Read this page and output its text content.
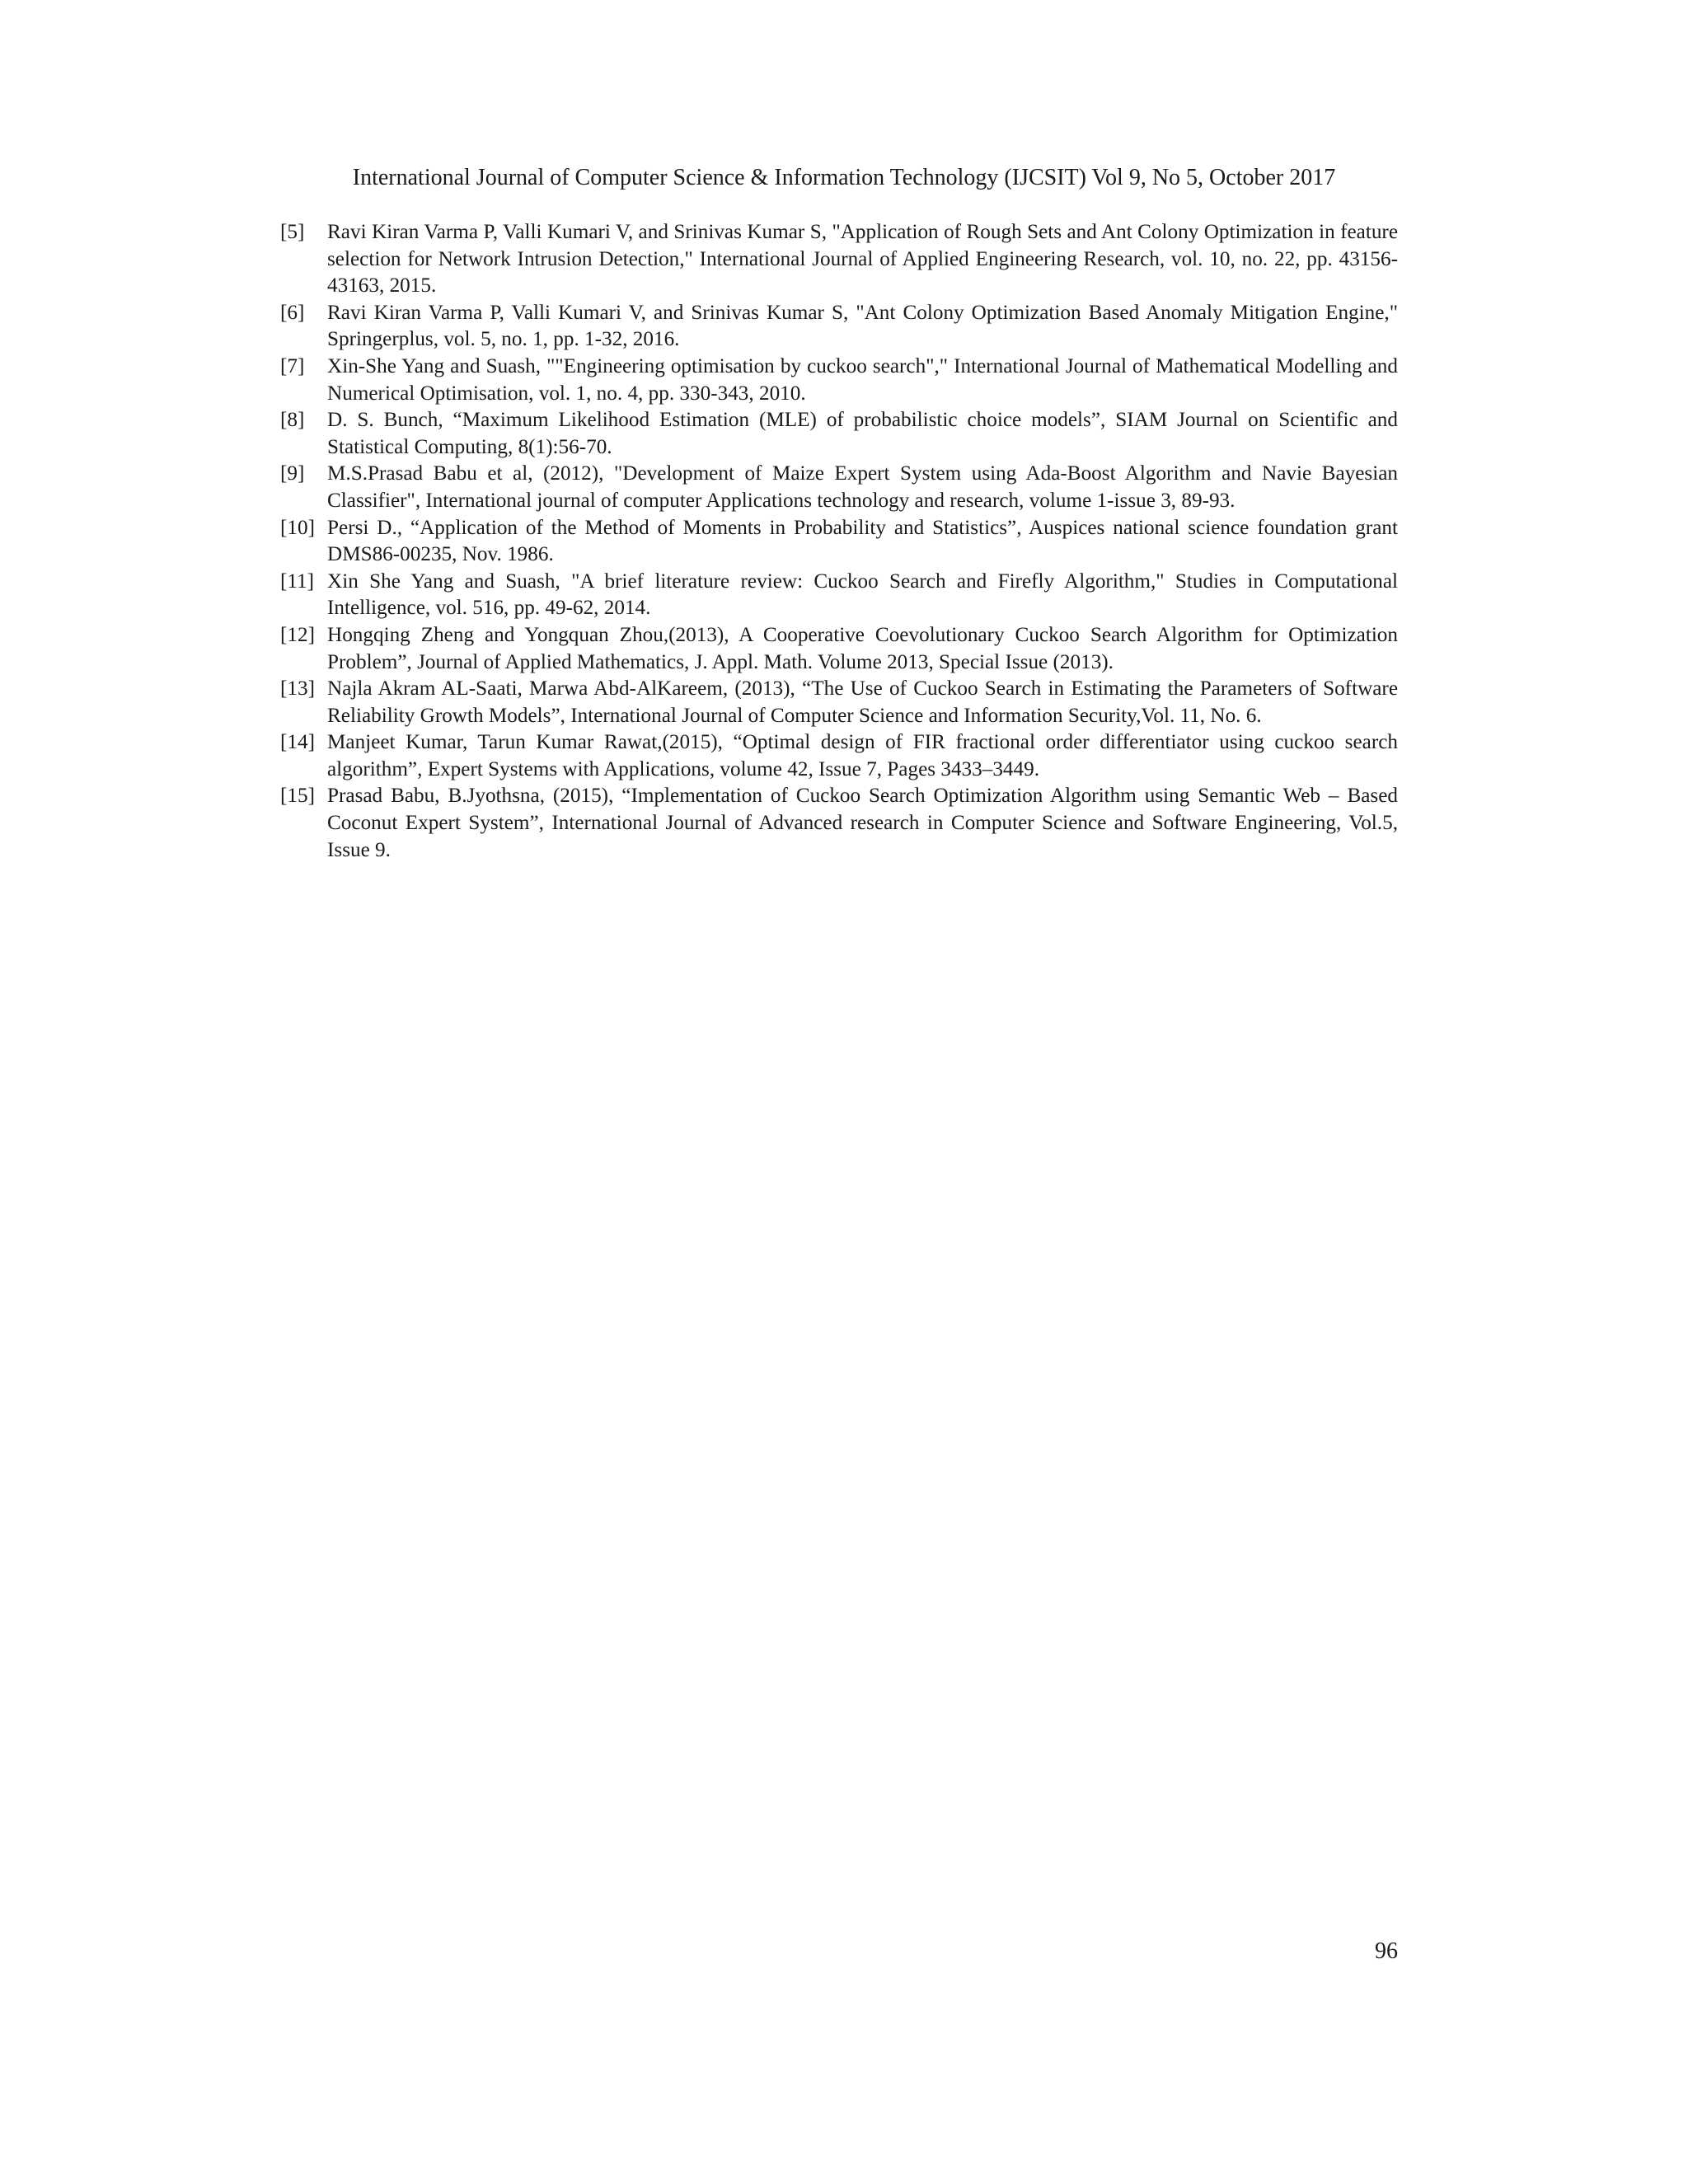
International Journal of Computer Science & Information Technology (IJCSIT) Vol 9, No 5, October 2017
[5] Ravi Kiran Varma P, Valli Kumari V, and Srinivas Kumar S, "Application of Rough Sets and Ant Colony Optimization in feature selection for Network Intrusion Detection," International Journal of Applied Engineering Research, vol. 10, no. 22, pp. 43156-43163, 2015.
[6] Ravi Kiran Varma P, Valli Kumari V, and Srinivas Kumar S, "Ant Colony Optimization Based Anomaly Mitigation Engine," Springerplus, vol. 5, no. 1, pp. 1-32, 2016.
[7] Xin-She Yang and Suash, ""Engineering optimisation by cuckoo search"," International Journal of Mathematical Modelling and Numerical Optimisation, vol. 1, no. 4, pp. 330-343, 2010.
[8] D. S. Bunch, “Maximum Likelihood Estimation (MLE) of probabilistic choice models”, SIAM Journal on Scientific and Statistical Computing, 8(1):56-70.
[9] M.S.Prasad Babu et al, (2012), "Development of Maize Expert System using Ada-Boost Algorithm and Navie Bayesian Classifier", International journal of computer Applications technology and research, volume 1-issue 3, 89-93.
[10] Persi D., “Application of the Method of Moments in Probability and Statistics”, Auspices national science foundation grant DMS86-00235, Nov. 1986.
[11] Xin She Yang and Suash, "A brief literature review: Cuckoo Search and Firefly Algorithm," Studies in Computational Intelligence, vol. 516, pp. 49-62, 2014.
[12] Hongqing Zheng and Yongquan Zhou,(2013), A Cooperative Coevolutionary Cuckoo Search Algorithm for Optimization Problem”, Journal of Applied Mathematics, J. Appl. Math. Volume 2013, Special Issue (2013).
[13] Najla Akram AL-Saati, Marwa Abd-AlKareem, (2013), “The Use of Cuckoo Search in Estimating the Parameters of Software Reliability Growth Models”, International Journal of Computer Science and Information Security,Vol. 11, No. 6.
[14] Manjeet Kumar, Tarun Kumar Rawat,(2015), “Optimal design of FIR fractional order differentiator using cuckoo search algorithm”, Expert Systems with Applications, volume 42, Issue 7, Pages 3433–3449.
[15] Prasad Babu, B.Jyothsna, (2015), “Implementation of Cuckoo Search Optimization Algorithm using Semantic Web – Based Coconut Expert System”, International Journal of Advanced research in Computer Science and Software Engineering, Vol.5, Issue 9.
96
